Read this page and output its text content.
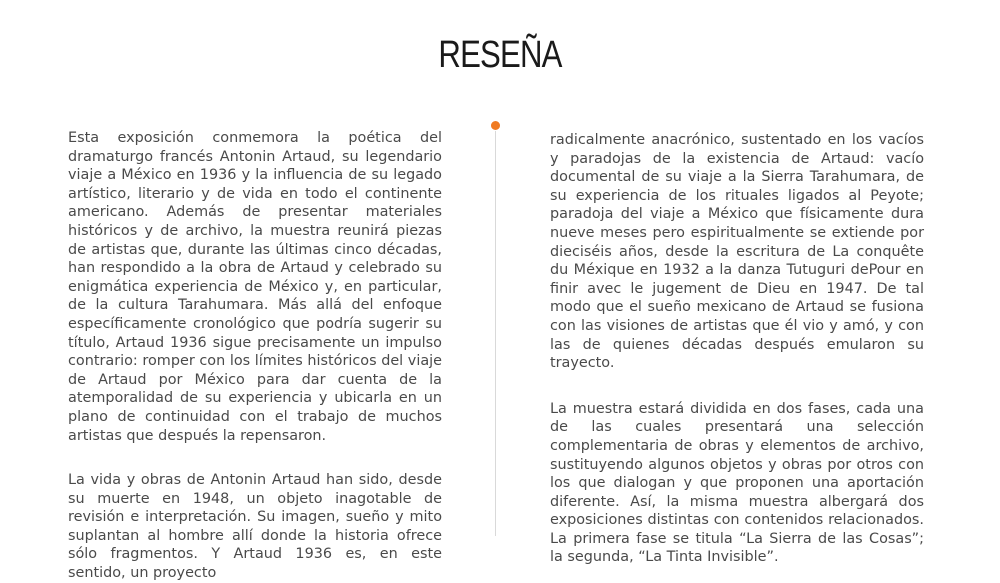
RESEÑA

Esta exposición conmemora la poética del dramaturgo francés Antonin Artaud, su legendario viaje a México en 1936 y la influencia de su legado artístico, literario y de vida en todo el continente americano. Además de presentar materiales históricos y de archivo, la muestra reunirá piezas de artistas que, durante las últimas cinco décadas, han respondido a la obra de Artaud y celebrado su enigmática experiencia de México y, en particular, de la cultura Tarahumara. Más allá del enfoque específicamente cronológico que podría sugerir su título, Artaud 1936 sigue precisamente un impulso contrario: romper con los límites históricos del viaje de Artaud por México para dar cuenta de la atemporalidad de su experiencia y ubicarla en un plano de continuidad con el trabajo de muchos artistas que después la repensaron.

La vida y obras de Antonin Artaud han sido, desde su muerte en 1948, un objeto inagotable de revisión e interpretación. Su imagen, sueño y mito suplantan al hombre allí donde la historia ofrece sólo fragmentos. Y Artaud 1936 es, en este sentido, un proyecto

radicalmente anacrónico, sustentado en los vacíos y paradojas de la existencia de Artaud: vacío documental de su viaje a la Sierra Tarahumara, de su experiencia de los rituales ligados al Peyote; paradoja del viaje a México que físicamente dura nueve meses pero espiritualmente se extiende por dieciséis años, desde la escritura de La conquête du Méxique en 1932 a la danza Tutuguri dePour en finir avec le jugement de Dieu en 1947. De tal modo que el sueño mexicano de Artaud se fusiona con las visiones de artistas que él vio y amó, y con las de quienes décadas después emularon su trayecto.

La muestra estará dividida en dos fases, cada una de las cuales presentará una selección complementaria de obras y elementos de archivo, sustituyendo algunos objetos y obras por otros con los que dialogan y que proponen una aportación diferente. Así, la misma muestra albergará dos exposiciones distintas con contenidos relacionados. La primera fase se titula “La Sierra de las Cosas”; la segunda, “La Tinta Invisible”.
